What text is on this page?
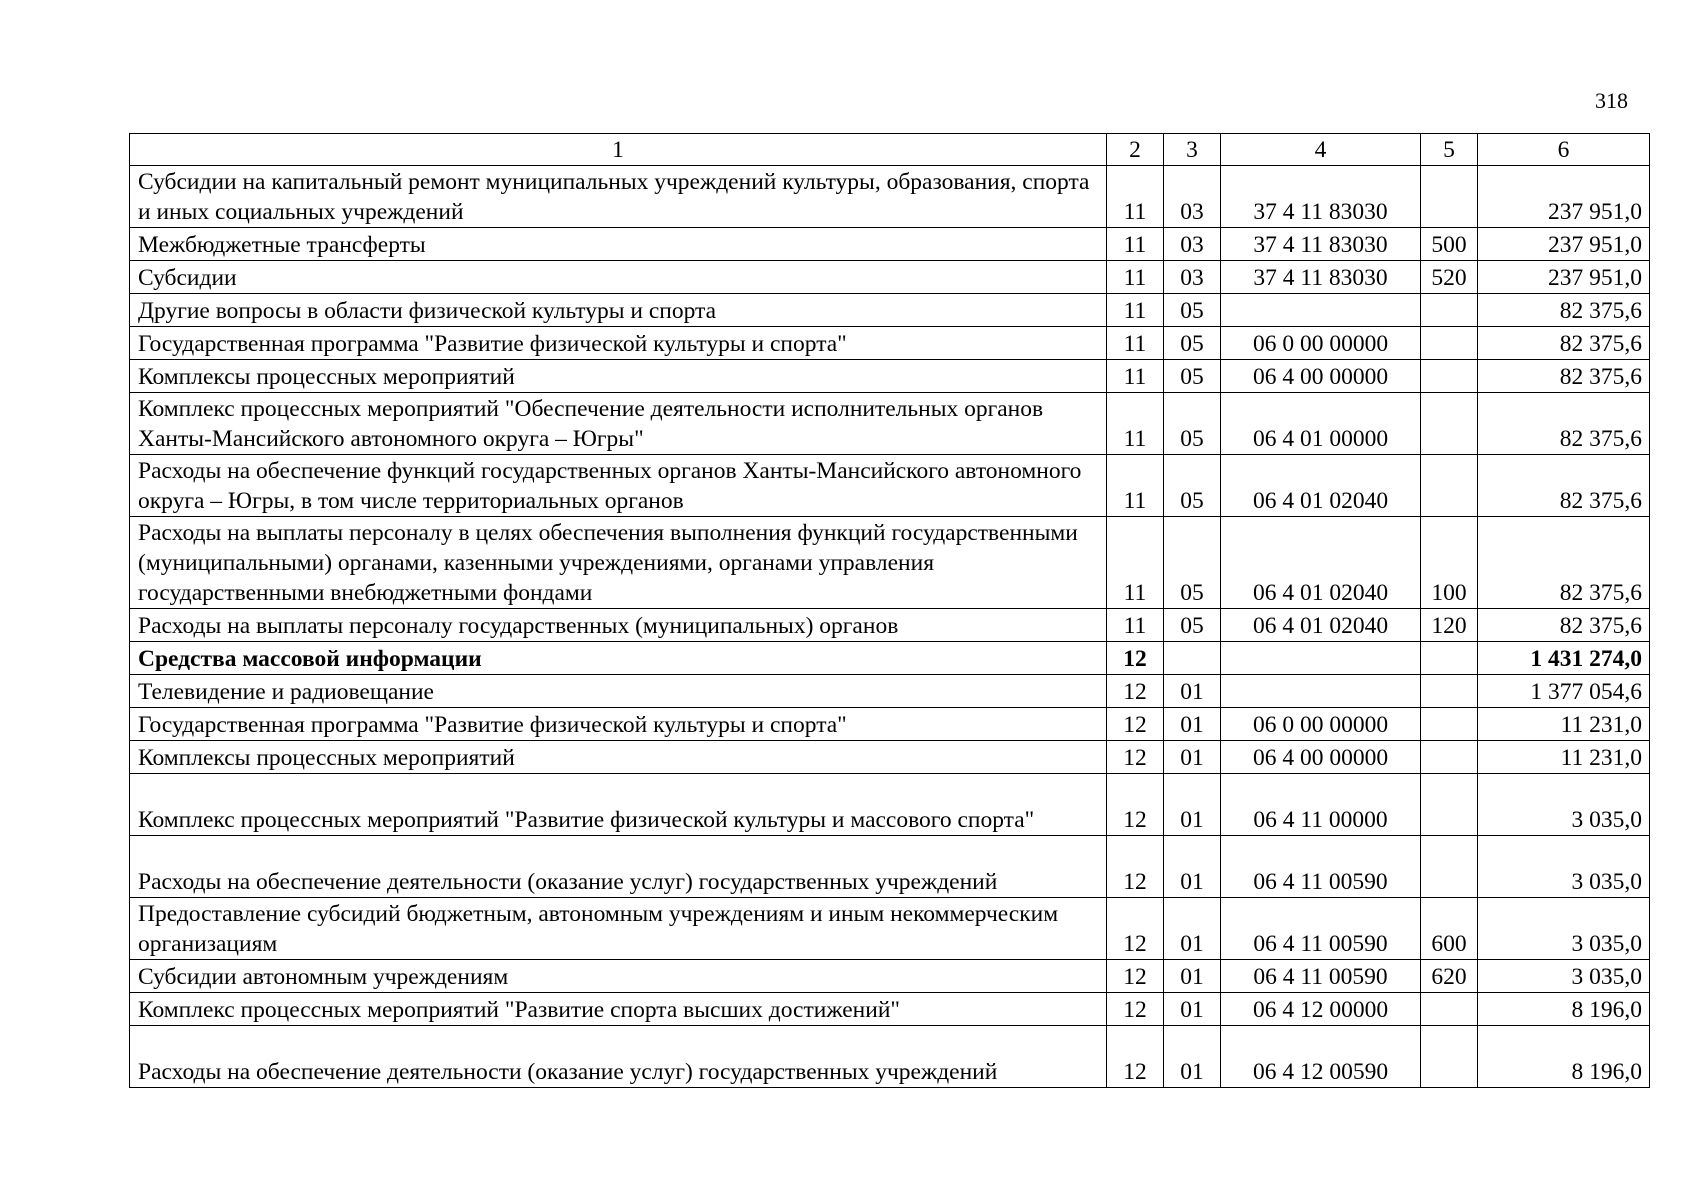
318
1	2	3	4	5	6
Субсидии на капитальный ремонт муниципальных учреждений культуры, образования, спорта и иных социальных учреждений	11	03	37 4 11 83030		237 951,0
Межбюджетные трансферты	11	03	37 4 11 83030	500	237 951,0
Субсидии	11	03	37 4 11 83030	520	237 951,0
Другие вопросы в области физической культуры и спорта	11	05			82 375,6
Государственная программа "Развитие физической культуры и спорта"	11	05	06 0 00 00000		82 375,6
Комплексы процессных мероприятий	11	05	06 4 00 00000		82 375,6
Комплекс процессных мероприятий "Обеспечение деятельности исполнительных органов Ханты-Мансийского автономного округа – Югры"	11	05	06 4 01 00000		82 375,6
Расходы на обеспечение функций государственных органов Ханты-Мансийского автономного округа – Югры, в том числе территориальных органов	11	05	06 4 01 02040		82 375,6
Расходы на выплаты персоналу в целях обеспечения выполнения функций государственными (муниципальными) органами, казенными учреждениями, органами управления государственными внебюджетными фондами	11	05	06 4 01 02040	100	82 375,6
Расходы на выплаты персоналу государственных (муниципальных) органов	11	05	06 4 01 02040	120	82 375,6
Средства массовой информации	12				1 431 274,0
Телевидение и радиовещание	12	01			1 377 054,6
Государственная программа "Развитие физической культуры и спорта"	12	01	06 0 00 00000		11 231,0
Комплексы процессных мероприятий	12	01	06 4 00 00000		11 231,0
Комплекс процессных мероприятий "Развитие физической культуры и массового спорта"	12	01	06 4 11 00000		3 035,0
Расходы на обеспечение деятельности (оказание услуг) государственных учреждений	12	01	06 4 11 00590		3 035,0
Предоставление субсидий бюджетным, автономным учреждениям и иным некоммерческим организациям	12	01	06 4 11 00590	600	3 035,0
Субсидии автономным учреждениям	12	01	06 4 11 00590	620	3 035,0
Комплекс процессных мероприятий "Развитие спорта высших достижений"	12	01	06 4 12 00000		8 196,0
Расходы на обеспечение деятельности (оказание услуг) государственных учреждений	12	01	06 4 12 00590		8 196,0
